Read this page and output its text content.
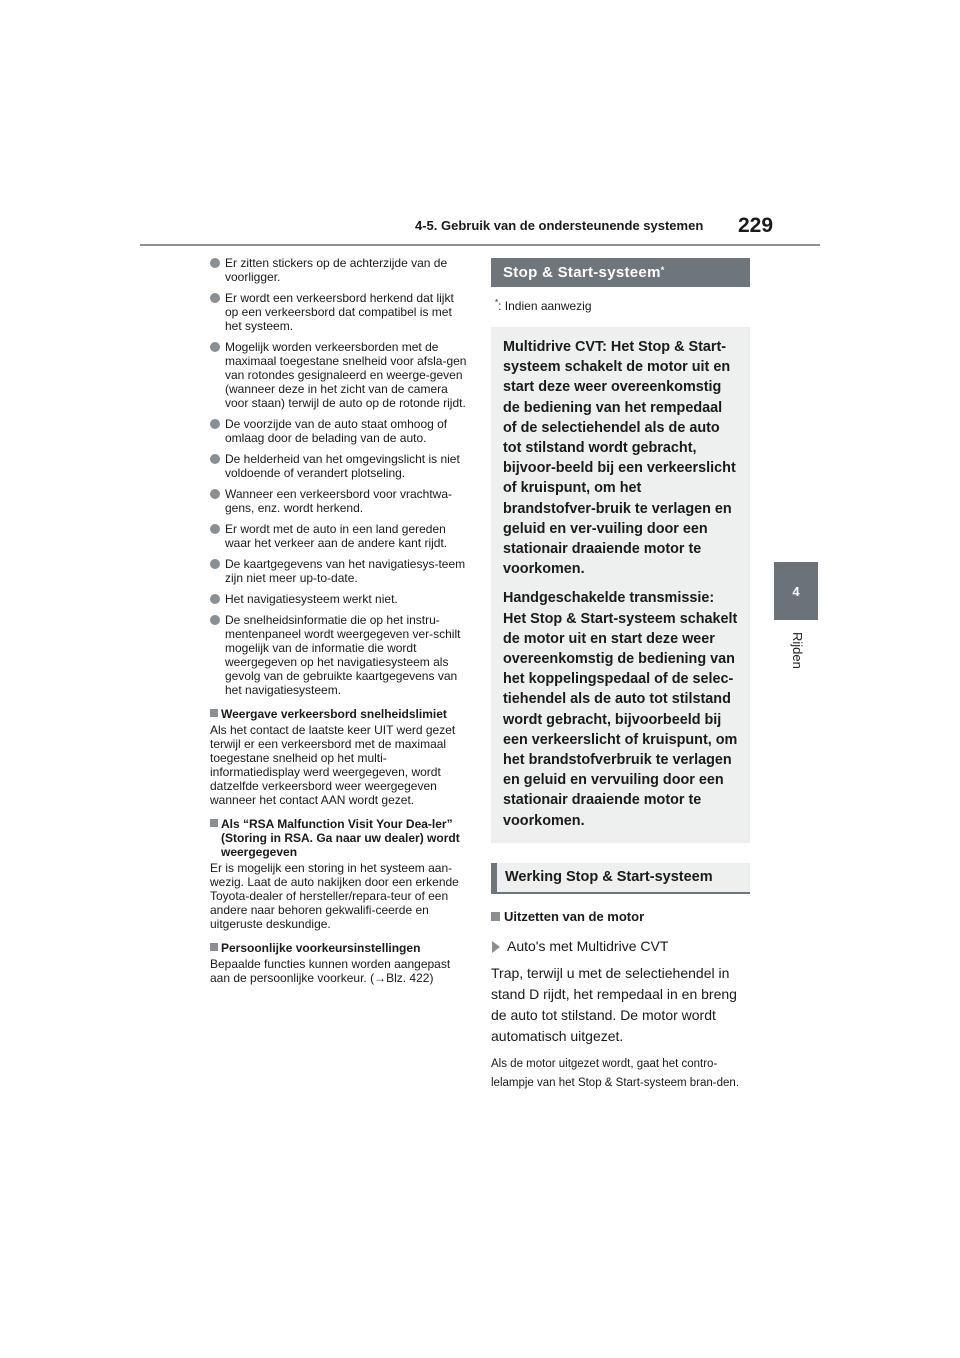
4-5. Gebruik van de ondersteunende systemen 229
4
Rijden
Er zitten stickers op de achterzijde van de voorligger.
Er wordt een verkeersbord herkend dat lijkt op een verkeersbord dat compatibel is met het systeem.
Mogelijk worden verkeersborden met de maximaal toegestane snelheid voor afsla-gen van rotondes gesignaleerd en weerge-geven (wanneer deze in het zicht van de camera voor staan) terwijl de auto op de rotonde rijdt.
De voorzijde van de auto staat omhoog of omlaag door de belading van de auto.
De helderheid van het omgevingslicht is niet voldoende of verandert plotseling.
Wanneer een verkeersbord voor vrachtwa-gens, enz. wordt herkend.
Er wordt met de auto in een land gereden waar het verkeer aan de andere kant rijdt.
De kaartgegevens van het navigatiesys-teem zijn niet meer up-to-date.
Het navigatiesysteem werkt niet.
De snelheidsinformatie die op het instru-mentenpaneel wordt weergegeven ver-schilt mogelijk van de informatie die wordt weergegeven op het navigatiesysteem als gevolg van de gebruikte kaartgegevens van het navigatiesysteem.
Weergave verkeersbord snelheidslimiet

Als het contact de laatste keer UIT werd gezet terwijl er een verkeersbord met de maximaal toegestane snelheid op het multi-informatiedisplay werd weergegeven, wordt datzelfde verkeersbord weer weergegeven wanneer het contact AAN wordt gezet.

Als “RSA Malfunction Visit Your Dea-ler” (Storing in RSA. Ga naar uw dealer) wordt weergegeven

Er is mogelijk een storing in het systeem aan-wezig. Laat de auto nakijken door een erkende Toyota-dealer of hersteller/repara-teur of een andere naar behoren gekwalifi-ceerde en uitgeruste deskundige.

Persoonlijke voorkeursinstellingen

Bepaalde functies kunnen worden aangepast aan de persoonlijke voorkeur. (→Blz. 422)

Stop & Start-systeem*
*: Indien aanwezig

Multidrive CVT: Het Stop & Start-systeem schakelt de motor uit en start deze weer overeenkomstig de bediening van het rempedaal of de selectiehendel als de auto tot stilstand wordt gebracht, bijvoor-beeld bij een verkeerslicht of kruispunt, om het brandstofver-bruik te verlagen en geluid en ver-vuiling door een stationair draaiende motor te voorkomen.

Handgeschakelde transmissie: Het Stop & Start-systeem schakelt de motor uit en start deze weer overeenkomstig de bediening van het koppelingspedaal of de selec-tiehendel als de auto tot stilstand wordt gebracht, bijvoorbeeld bij een verkeerslicht of kruispunt, om het brandstofverbruik te verlagen en geluid en vervuiling door een stationair draaiende motor te voorkomen.

Werking Stop & Start-systeem
Uitzetten van de motor
Auto's met Multidrive CVT

Trap, terwijl u met de selectiehendel in stand D rijdt, het rempedaal in en breng de auto tot stilstand. De motor wordt automatisch uitgezet.

Als de motor uitgezet wordt, gaat het contro-lelampje van het Stop & Start-systeem bran-den.
